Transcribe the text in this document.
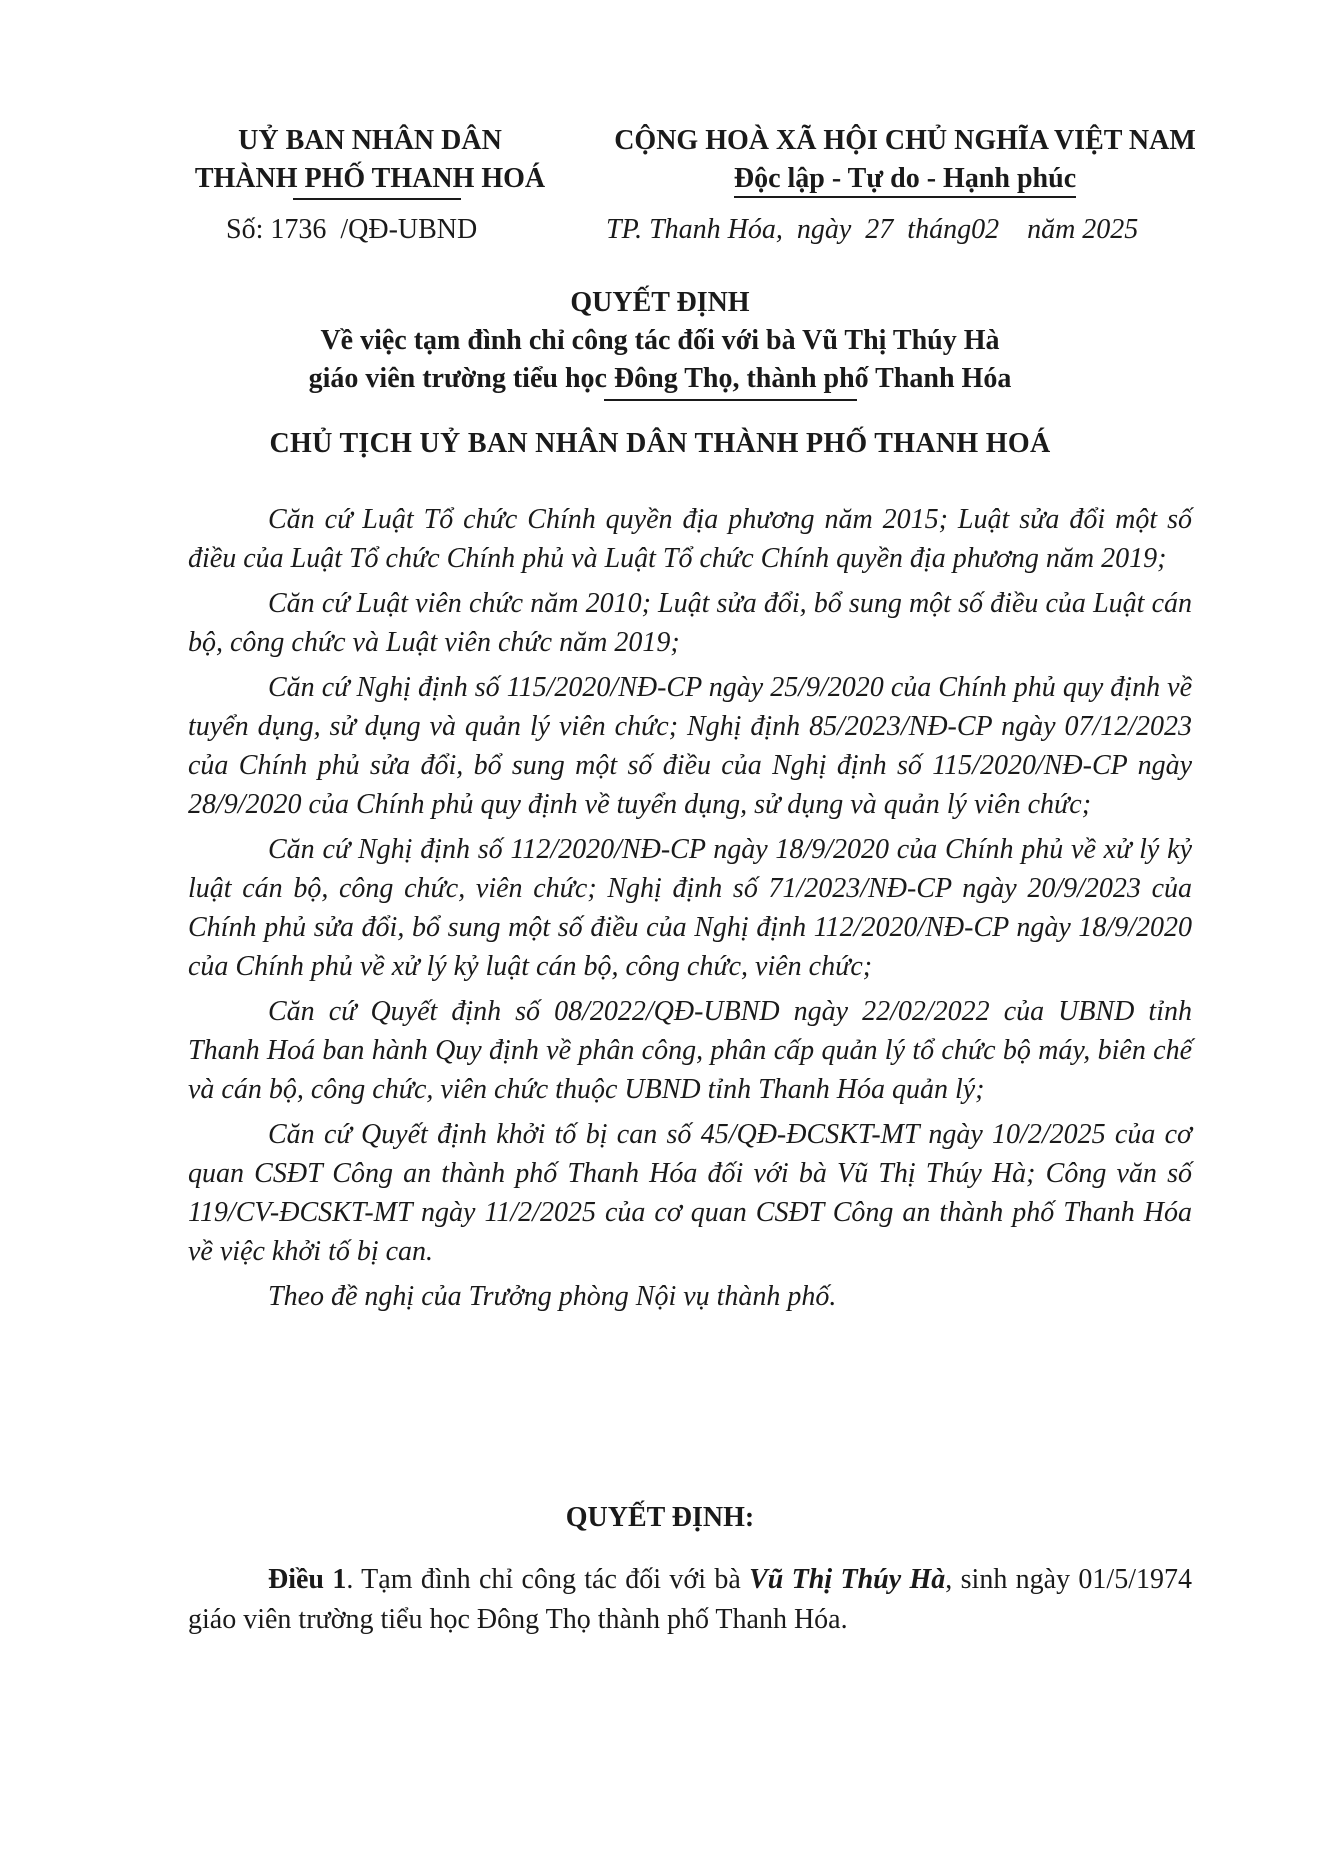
UỶ BAN NHÂN DÂN
THÀNH PHỐ THANH HOÁ
CỘNG HOÀ XÃ HỘI CHỦ NGHĨA VIỆT NAM
Độc lập - Tự do - Hạnh phúc
Số: 1736  /QĐ-UBND	TP. Thanh Hóa,  ngày  27  tháng02    năm 2025
QUYẾT ĐỊNH
Về việc tạm đình chỉ công tác đối với bà Vũ Thị Thúy Hà
giáo viên trường tiểu học Đông Thọ, thành phố Thanh Hóa
CHỦ TỊCH UỶ BAN NHÂN DÂN THÀNH PHỐ THANH HOÁ

Căn cứ Luật Tổ chức Chính quyền địa phương năm 2015; Luật sửa đổi một số điều của Luật Tổ chức Chính phủ và Luật Tổ chức Chính quyền địa phương năm 2019;

Căn cứ Luật viên chức năm 2010; Luật sửa đổi, bổ sung một số điều của Luật cán bộ, công chức và Luật viên chức năm 2019;

Căn cứ Nghị định số 115/2020/NĐ-CP ngày 25/9/2020 của Chính phủ quy định về tuyển dụng, sử dụng và quản lý viên chức; Nghị định 85/2023/NĐ-CP ngày 07/12/2023 của Chính phủ sửa đổi, bổ sung một số điều của Nghị định số 115/2020/NĐ-CP ngày 28/9/2020 của Chính phủ quy định về tuyển dụng, sử dụng và quản lý viên chức;

Căn cứ Nghị định số 112/2020/NĐ-CP ngày 18/9/2020 của Chính phủ về xử lý kỷ luật cán bộ, công chức, viên chức; Nghị định số 71/2023/NĐ-CP ngày 20/9/2023 của Chính phủ sửa đổi, bổ sung một số điều của Nghị định 112/2020/NĐ-CP ngày 18/9/2020 của Chính phủ về xử lý kỷ luật cán bộ, công chức, viên chức;

Căn cứ Quyết định số 08/2022/QĐ-UBND ngày 22/02/2022 của UBND tỉnh Thanh Hoá ban hành Quy định về phân công, phân cấp quản lý tổ chức bộ máy, biên chế và cán bộ, công chức, viên chức thuộc UBND tỉnh Thanh Hóa quản lý;

Căn cứ Quyết định khởi tố bị can số 45/QĐ-ĐCSKT-MT ngày 10/2/2025 của cơ quan CSĐT Công an thành phố Thanh Hóa đối với bà Vũ Thị Thúy Hà; Công văn số 119/CV-ĐCSKT-MT ngày 11/2/2025 của cơ quan CSĐT Công an thành phố Thanh Hóa về việc khởi tố bị can.

Theo đề nghị của Trưởng phòng Nội vụ thành phố.

QUYẾT ĐỊNH:

Điều 1. Tạm đình chỉ công tác đối với bà Vũ Thị Thúy Hà, sinh ngày 01/5/1974 giáo viên trường tiểu học Đông Thọ thành phố Thanh Hóa.
